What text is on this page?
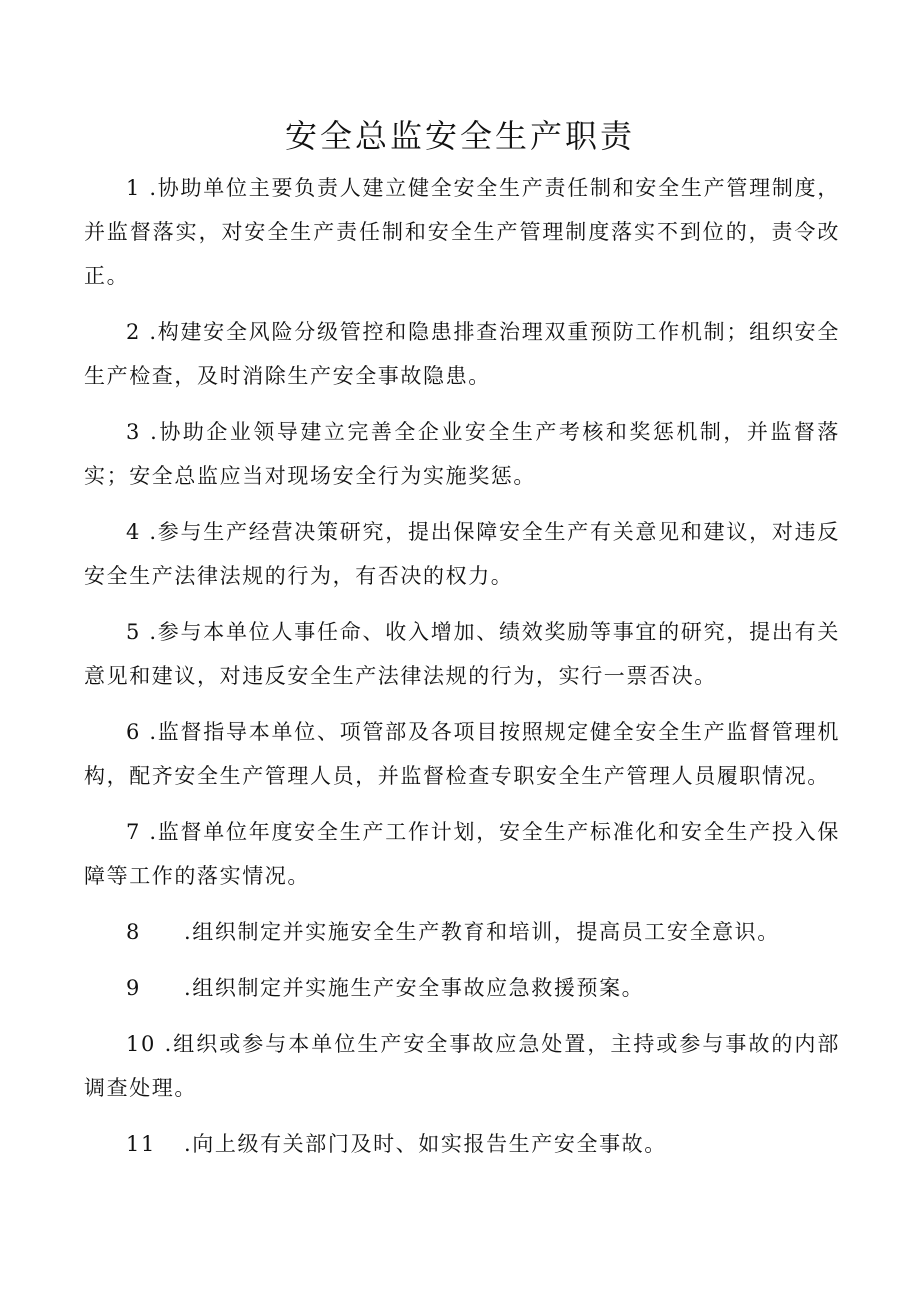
安全总监安全生产职责

1 .协助单位主要负责人建立健全安全生产责任制和安全生产管理制度，并监督落实，对安全生产责任制和安全生产管理制度落实不到位的，责令改正。

2 .构建安全风险分级管控和隐患排查治理双重预防工作机制；组织安全生产检查，及时消除生产安全事故隐患。

3 .协助企业领导建立完善全企业安全生产考核和奖惩机制，并监督落实；安全总监应当对现场安全行为实施奖惩。

4 .参与生产经营决策研究，提出保障安全生产有关意见和建议，对违反安全生产法律法规的行为，有否决的权力。

5 .参与本单位人事任命、收入增加、绩效奖励等事宜的研究，提出有关意见和建议，对违反安全生产法律法规的行为，实行一票否决。

6 .监督指导本单位、项管部及各项目按照规定健全安全生产监督管理机构，配齐安全生产管理人员，并监督检查专职安全生产管理人员履职情况。

7 .监督单位年度安全生产工作计划，安全生产标准化和安全生产投入保障等工作的落实情况。

8 .组织制定并实施安全生产教育和培训，提高员工安全意识。

9 .组织制定并实施生产安全事故应急救援预案。

10 .组织或参与本单位生产安全事故应急处置，主持或参与事故的内部调查处理。

11 .向上级有关部门及时、如实报告生产安全事故。
